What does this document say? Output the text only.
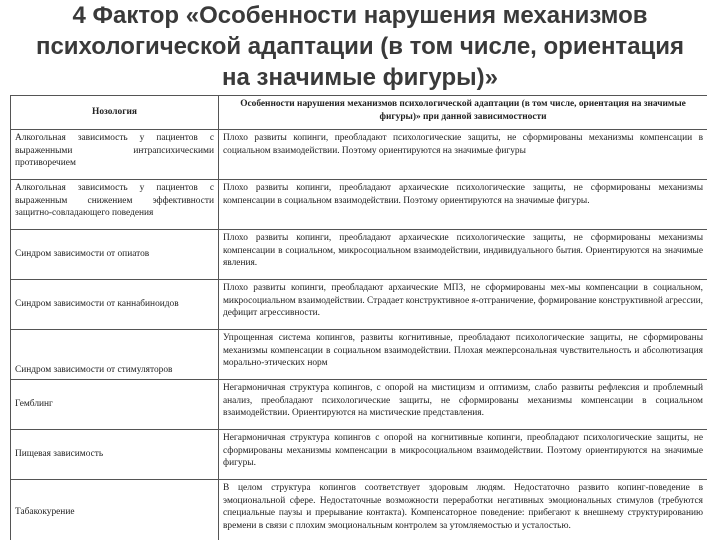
4 Фактор «Особенности нарушения механизмов
психологической адаптации (в том числе, ориентация
на значимые фигуры)»
Нозология	Особенности нарушения механизмов психологической адаптации (в том числе, ориентация на значимые фигуры)» при данной зависимостности
Алкогольная зависимость у пациентов с выраженными интрапсихическими противоречием	Плохо развиты копинги, преобладают психологические защиты, не сформированы механизмы компенсации в социальном взаимодействии. Поэтому ориентируются на значимые фигуры
Алкогольная зависимость у пациентов с выраженным снижением эффективности защитно-совладающего поведения	Плохо развиты копинги, преобладают архаические психологические защиты, не сформированы механизмы компенсации в социальном взаимодействии. Поэтому ориентируются на значимые фигуры.
Синдром зависимости от опиатов	Плохо развиты копинги, преобладают архаические психологические защиты, не сформированы механизмы компенсации в социальном, микросоциальном взаимодействии, индивидуального бытия. Ориентируются на значимые явления.
Синдром зависимости от каннабиноидов	Плохо развиты копинги, преобладают архаические МПЗ, не сформированы мех-мы компенсации в социальном, микросоциальном взаимодействии. Страдает конструктивное я-отграничение, формирование конструктивной агрессии, дефицит агрессивности.
Синдром зависимости от стимуляторов	Упрощенная система копингов, развиты когнитивные, преобладают психологические защиты, не сформированы механизмы компенсации в социальном взаимодействии. Плохая межперсональная чувствительность и абсолютизация морально-этических норм
Гемблинг	Негармоничная структура копингов, с опорой на мистицизм и оптимизм, слабо развиты рефлексия и проблемный анализ, преобладают психологические защиты, не сформированы механизмы компенсации в социальном взаимодействии. Ориентируются на мистические представления.
Пищевая зависимость	Негармоничная структура копингов с опорой на когнитивные копинги, преобладают психологические защиты, не сформированы механизмы компенсации в микросоциальном взаимодействии. Поэтому ориентируются на значимые фигуры.
Табакокурение	В целом структура копингов соответствует здоровым людям. Недостаточно развито копинг-поведение в эмоциональной сфере. Недостаточные возможности переработки негативных эмоциональных стимулов (требуются специальные паузы и прерывание контакта). Компенсаторное поведение: прибегают к внешнему структурированию времени в связи с плохим эмоциональным контролем за утомляемостью и усталостью.
